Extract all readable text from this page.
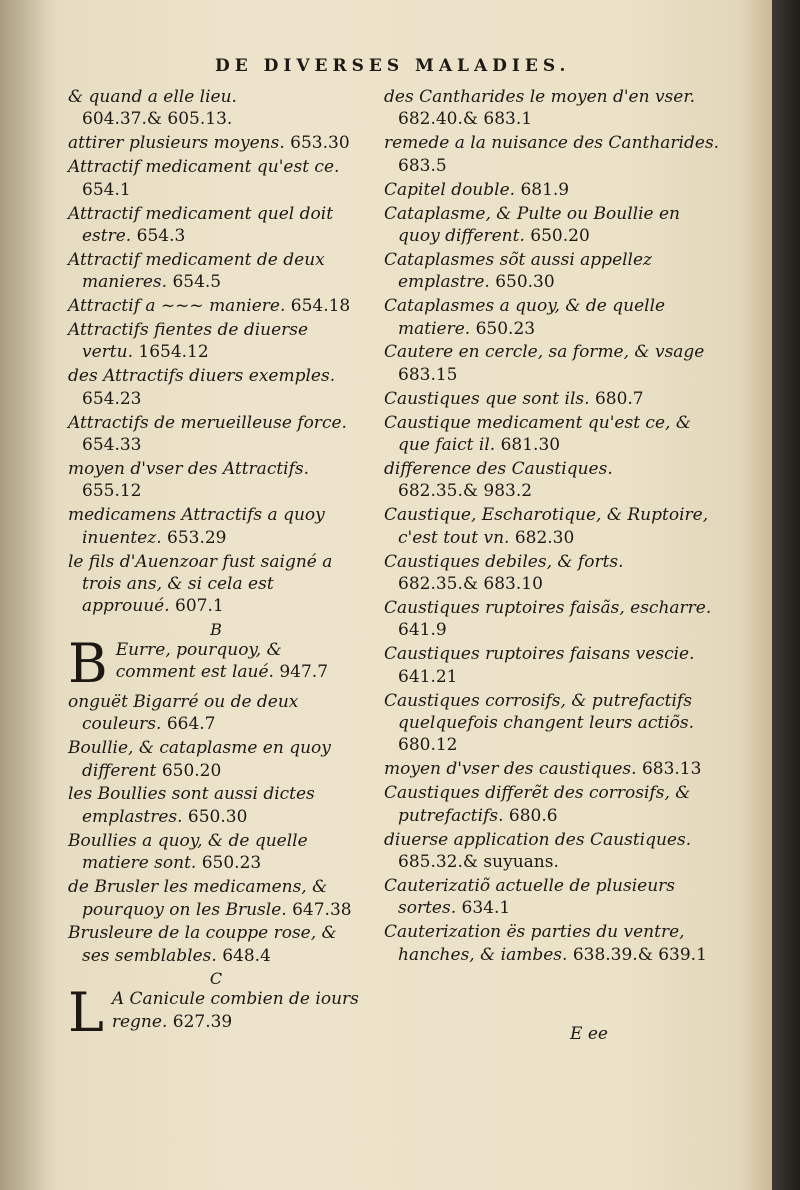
DE DIVERSES MALADIES.
& quand a elle lieu. 604.37.& 605.13.
attirer plusieurs moyens. 653.30
Attractif medicament qu'est ce. 654.1
Attractif medicament quel doit estre. 654.3
Attractif medicament de deux manieres. 654.5
Attractif a ~~~ maniere. 654.18
Attractifs fientes de diuerse vertu. 1654.12
des Attractifs diuers exemples. 654.23
Attractifs de merueilleuse force. 654.33
moyen d'vser des Attractifs. 655.12
medicamens Attractifs a quoy inuentez. 653.29
le fils d'Auenzoar fust saigné a trois ans, & si cela est approuué. 607.1
B
B Eurre, pourquoy, & comment est laué. 947.7
onguët Bigarré ou de deux couleurs. 664.7
Boullie, & cataplasme en quoy different 650.20
les Boullies sont aussi dictes emplastres. 650.30
Boullies a quoy, & de quelle matiere sont. 650.23
de Brusler les medicamens, & pourquoy on les Brusle. 647.38
Brusleure de la couppe rose, & ses semblables. 648.4
C
L A Canicule combien de iours regne. 627.39
des Cantharides le moyen d'en vser. 682.40.& 683.1
remede a la nuisance des Cantharides. 683.5
Capitel double. 681.9
Cataplasme, & Pulte ou Boullie en quoy different. 650.20
Cataplasmes sõt aussi appellez emplastre. 650.30
Cataplasmes a quoy, & de quelle matiere. 650.23
Cautere en cercle, sa forme, & vsage 683.15
Caustiques que sont ils. 680.7
Caustique medicament qu'est ce, & que faict il. 681.30
difference des Caustiques. 682.35.& 983.2
Caustique, Escharotique, & Ruptoire, c'est tout vn. 682.30
Caustiques debiles, & forts. 682.35.& 683.10
Caustiques ruptoires faisãs, escharre. 641.9
Caustiques ruptoires faisans vescie. 641.21
Caustiques corrosifs, & putrefactifs quelquefois changent leurs actiõs. 680.12
moyen d'vser des caustiques. 683.13
Caustiques differẽt des corrosifs, & putrefactifs. 680.6
diuerse application des Caustiques. 685.32.& suyuans.
Cauterizatiõ actuelle de plusieurs sortes. 634.1
Cauterization ës parties du ventre, hanches, & iambes. 638.39.& 639.1
E ee
